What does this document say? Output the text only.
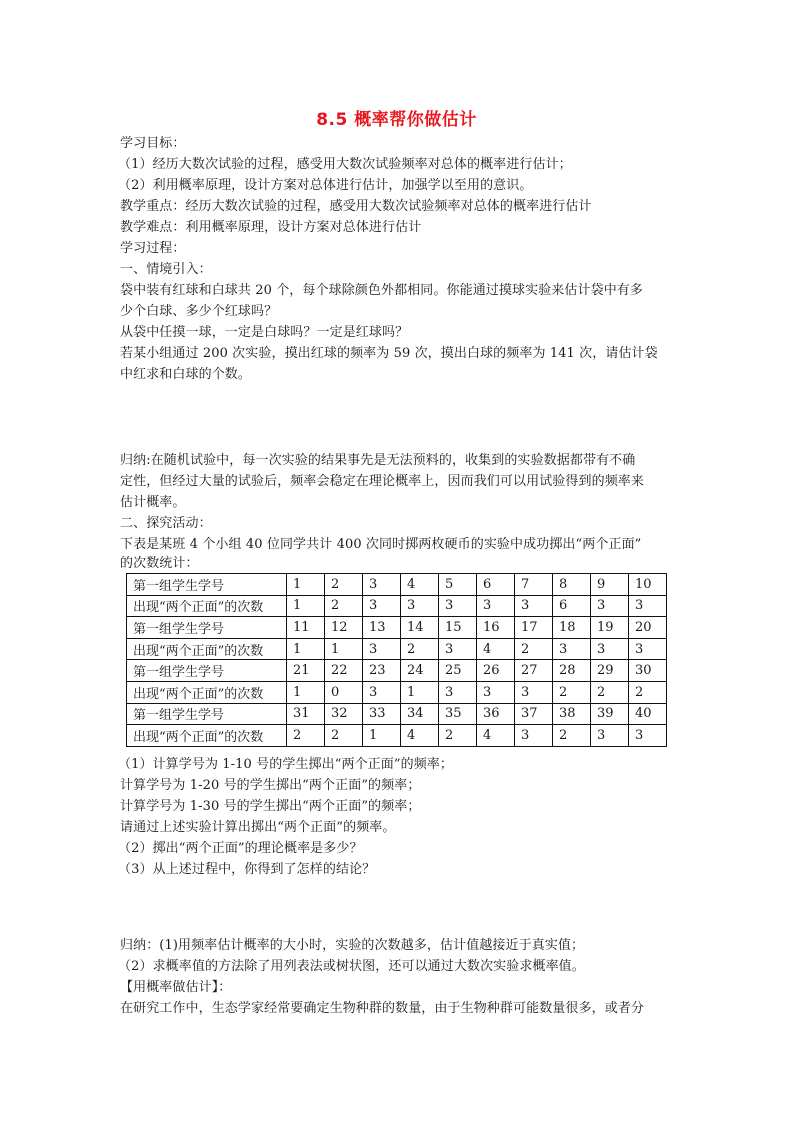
8.5 概率帮你做估计
学习目标：
（1）经历大数次试验的过程，感受用大数次试验频率对总体的概率进行估计；
（2）利用概率原理，设计方案对总体进行估计，加强学以至用的意识。
教学重点：经历大数次试验的过程，感受用大数次试验频率对总体的概率进行估计
教学难点：利用概率原理，设计方案对总体进行估计
学习过程：
一、情境引入：
袋中装有红球和白球共 20 个，每个球除颜色外都相同。你能通过摸球实验来估计袋中有多
少个白球、多少个红球吗？
从袋中任摸一球，一定是白球吗？一定是红球吗？
若某小组通过 200 次实验，摸出红球的频率为 59 次，摸出白球的频率为 141 次，请估计袋
中红求和白球的个数。
归纳:在随机试验中，每一次实验的结果事先是无法预料的，收集到的实验数据都带有不确
定性，但经过大量的试验后，频率会稳定在理论概率上，因而我们可以用试验得到的频率来
估计概率。
二、探究活动：
下表是某班 4 个小组 40 位同学共计 400 次同时掷两枚硬币的实验中成功掷出“两个正面”
的次数统计：
第一组学生学号	1	2	3	4	5	6	7	8	9	10
出现“两个正面”的次数	1	2	3	3	3	3	3	6	3	3
第一组学生学号	11	12	13	14	15	16	17	18	19	20
出现“两个正面”的次数	1	1	3	2	3	4	2	3	3	3
第一组学生学号	21	22	23	24	25	26	27	28	29	30
出现“两个正面”的次数	1	0	3	1	3	3	3	2	2	2
第一组学生学号	31	32	33	34	35	36	37	38	39	40
出现“两个正面”的次数	2	2	1	4	2	4	3	2	3	3
（1）计算学号为 1-10 号的学生掷出“两个正面”的频率；
计算学号为 1-20 号的学生掷出“两个正面”的频率；
计算学号为 1-30 号的学生掷出“两个正面”的频率；
请通过上述实验计算出掷出“两个正面”的频率。
（2）掷出“两个正面”的理论概率是多少？
（3）从上述过程中，你得到了怎样的结论？
归纳：(1)用频率估计概率的大小时，实验的次数越多，估计值越接近于真实值；
（2）求概率值的方法除了用列表法或树状图，还可以通过大数次实验求概率值。
【用概率做估计】：
在研究工作中，生态学家经常要确定生物种群的数量，由于生物种群可能数量很多，或者分
